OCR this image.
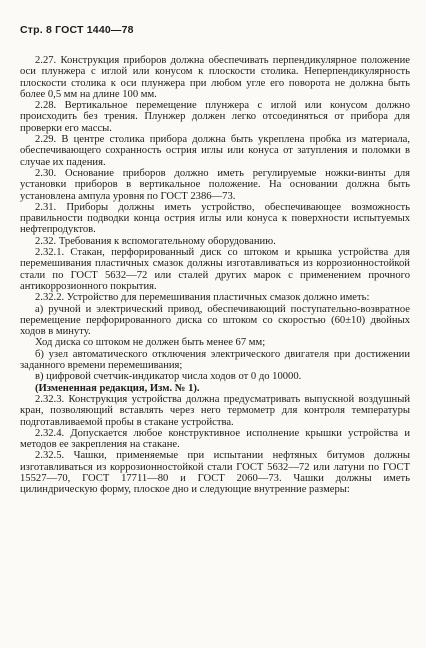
Стр. 8 ГОСТ 1440—78

2.27. Конструкция приборов должна обеспечивать перпендикулярное положение оси плунжера с иглой или конусом к плоскости столика. Неперпендикулярность плоскости столика к оси плунжера при любом угле его поворота не должна быть более 0,5 мм на длине 100 мм.

2.28. Вертикальное перемещение плунжера с иглой или конусом должно происходить без трения. Плунжер должен легко отсоединяться от прибора для проверки его массы.

2.29. В центре столика прибора должна быть укреплена пробка из материала, обеспечивающего сохранность острия иглы или конуса от затупления и поломки в случае их падения.

2.30. Основание приборов должно иметь регулируемые ножки-винты для установки приборов в вертикальное положение. На основании должна быть установлена ампула уровня по ГОСТ 2386—73.

2.31. Приборы должны иметь устройство, обеспечивающее возможность правильности подводки конца острия иглы или конуса к поверхности испытуемых нефтепродуктов.

2.32. Требования к вспомогательному оборудованию.

2.32.1. Стакан, перфорированный диск со штоком и крышка устройства для перемешивания пластичных смазок должны изготавливаться из коррозионностойкой стали по ГОСТ 5632—72 или сталей других марок с применением прочного антикоррозионного покрытия.

2.32.2. Устройство для перемешивания пластичных смазок должно иметь:

а) ручной и электрический привод, обеспечивающий поступательно-возвратное перемещение перфорированного диска со штоком со скоростью (60±10) двойных ходов в минуту.

Ход диска со штоком не должен быть менее 67 мм;

б) узел автоматического отключения электрического двигателя при достижении заданного времени перемешивания;

в) цифровой счетчик-индикатор числа ходов от 0 до 10000.

(Измененная редакция, Изм. № 1).

2.32.3. Конструкция устройства должна предусматривать выпускной воздушный кран, позволяющий вставлять через него термометр для контроля температуры подготавливаемой пробы в стакане устройства.

2.32.4. Допускается любое конструктивное исполнение крышки устройства и методов ее закрепления на стакане.

2.32.5. Чашки, применяемые при испытании нефтяных битумов должны изготавливаться из коррозионностойкой стали ГОСТ 5632—72 или латуни по ГОСТ 15527—70, ГОСТ 17711—80 и ГОСТ 2060—73. Чашки должны иметь цилиндрическую форму, плоское дно и следующие внутренние размеры:
